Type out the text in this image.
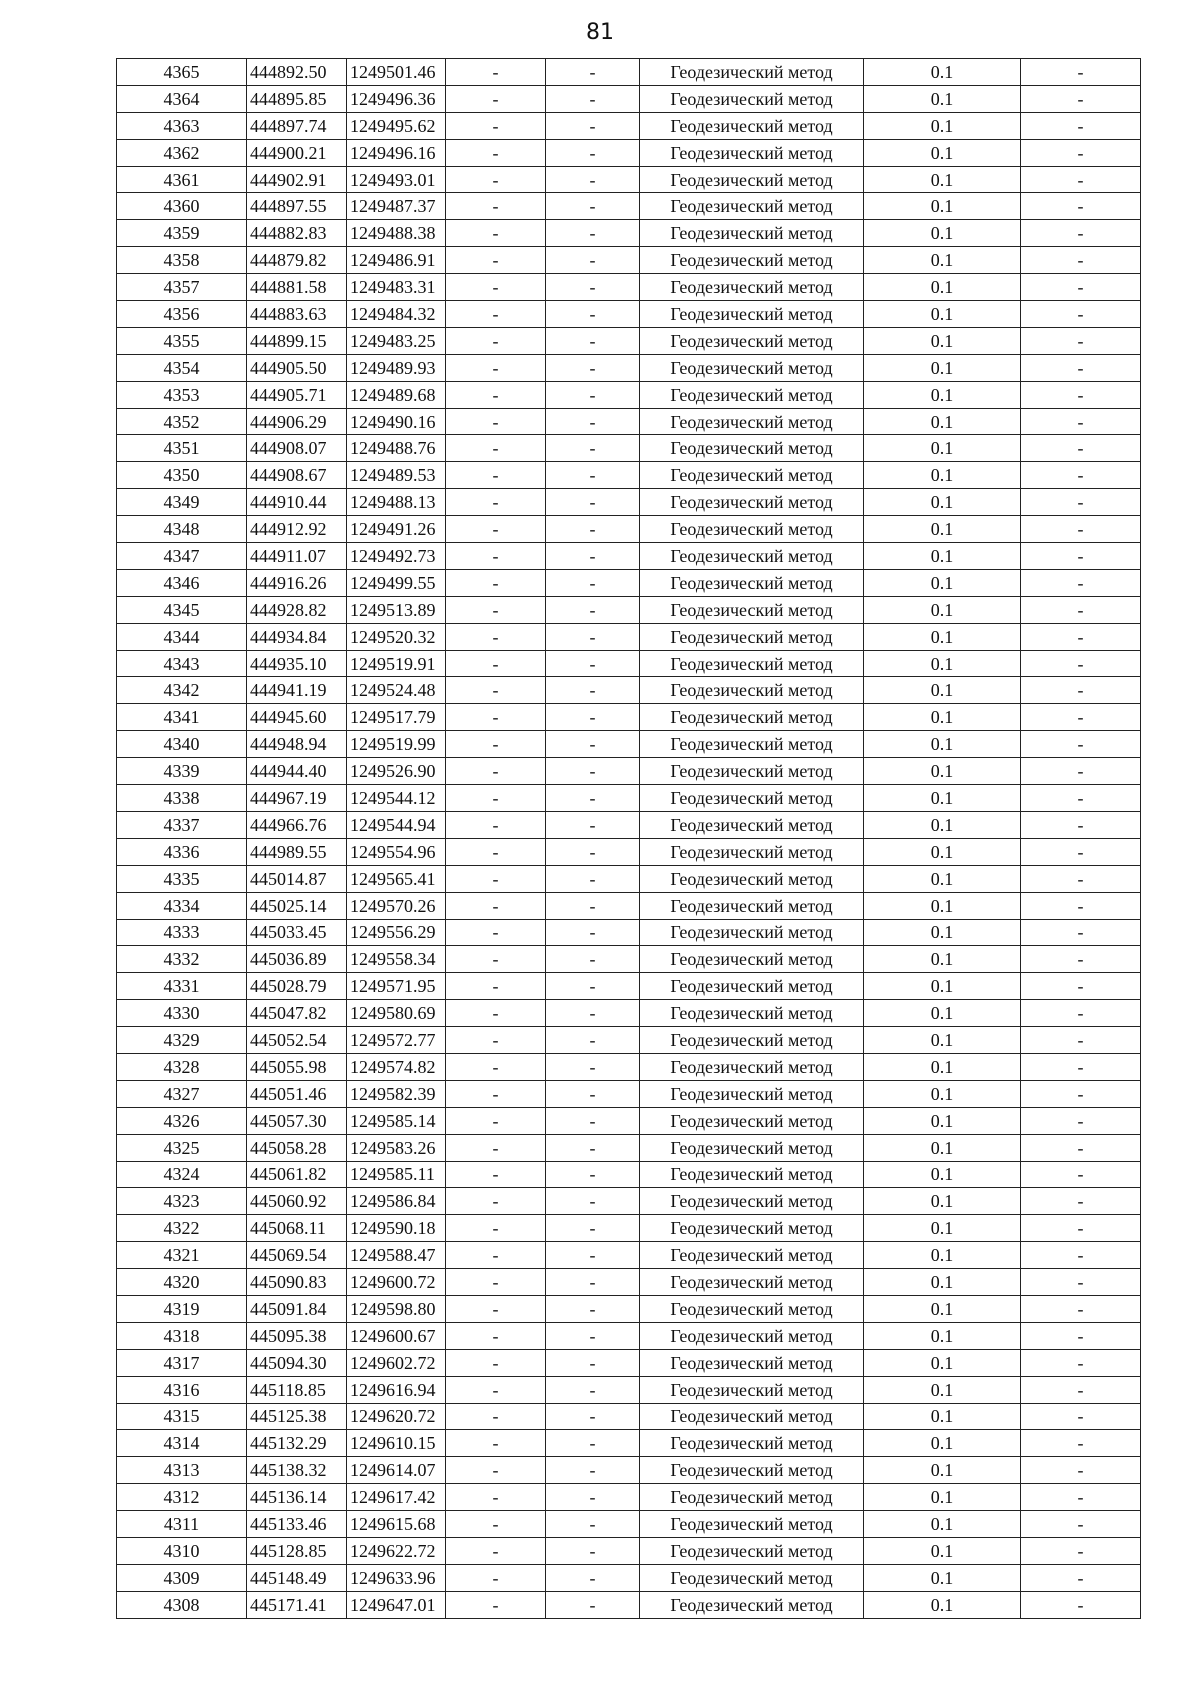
81
4365	444892.50	1249501.46	-	-	Геодезический метод	0.1	-
4364	444895.85	1249496.36	-	-	Геодезический метод	0.1	-
4363	444897.74	1249495.62	-	-	Геодезический метод	0.1	-
4362	444900.21	1249496.16	-	-	Геодезический метод	0.1	-
4361	444902.91	1249493.01	-	-	Геодезический метод	0.1	-
4360	444897.55	1249487.37	-	-	Геодезический метод	0.1	-
4359	444882.83	1249488.38	-	-	Геодезический метод	0.1	-
4358	444879.82	1249486.91	-	-	Геодезический метод	0.1	-
4357	444881.58	1249483.31	-	-	Геодезический метод	0.1	-
4356	444883.63	1249484.32	-	-	Геодезический метод	0.1	-
4355	444899.15	1249483.25	-	-	Геодезический метод	0.1	-
4354	444905.50	1249489.93	-	-	Геодезический метод	0.1	-
4353	444905.71	1249489.68	-	-	Геодезический метод	0.1	-
4352	444906.29	1249490.16	-	-	Геодезический метод	0.1	-
4351	444908.07	1249488.76	-	-	Геодезический метод	0.1	-
4350	444908.67	1249489.53	-	-	Геодезический метод	0.1	-
4349	444910.44	1249488.13	-	-	Геодезический метод	0.1	-
4348	444912.92	1249491.26	-	-	Геодезический метод	0.1	-
4347	444911.07	1249492.73	-	-	Геодезический метод	0.1	-
4346	444916.26	1249499.55	-	-	Геодезический метод	0.1	-
4345	444928.82	1249513.89	-	-	Геодезический метод	0.1	-
4344	444934.84	1249520.32	-	-	Геодезический метод	0.1	-
4343	444935.10	1249519.91	-	-	Геодезический метод	0.1	-
4342	444941.19	1249524.48	-	-	Геодезический метод	0.1	-
4341	444945.60	1249517.79	-	-	Геодезический метод	0.1	-
4340	444948.94	1249519.99	-	-	Геодезический метод	0.1	-
4339	444944.40	1249526.90	-	-	Геодезический метод	0.1	-
4338	444967.19	1249544.12	-	-	Геодезический метод	0.1	-
4337	444966.76	1249544.94	-	-	Геодезический метод	0.1	-
4336	444989.55	1249554.96	-	-	Геодезический метод	0.1	-
4335	445014.87	1249565.41	-	-	Геодезический метод	0.1	-
4334	445025.14	1249570.26	-	-	Геодезический метод	0.1	-
4333	445033.45	1249556.29	-	-	Геодезический метод	0.1	-
4332	445036.89	1249558.34	-	-	Геодезический метод	0.1	-
4331	445028.79	1249571.95	-	-	Геодезический метод	0.1	-
4330	445047.82	1249580.69	-	-	Геодезический метод	0.1	-
4329	445052.54	1249572.77	-	-	Геодезический метод	0.1	-
4328	445055.98	1249574.82	-	-	Геодезический метод	0.1	-
4327	445051.46	1249582.39	-	-	Геодезический метод	0.1	-
4326	445057.30	1249585.14	-	-	Геодезический метод	0.1	-
4325	445058.28	1249583.26	-	-	Геодезический метод	0.1	-
4324	445061.82	1249585.11	-	-	Геодезический метод	0.1	-
4323	445060.92	1249586.84	-	-	Геодезический метод	0.1	-
4322	445068.11	1249590.18	-	-	Геодезический метод	0.1	-
4321	445069.54	1249588.47	-	-	Геодезический метод	0.1	-
4320	445090.83	1249600.72	-	-	Геодезический метод	0.1	-
4319	445091.84	1249598.80	-	-	Геодезический метод	0.1	-
4318	445095.38	1249600.67	-	-	Геодезический метод	0.1	-
4317	445094.30	1249602.72	-	-	Геодезический метод	0.1	-
4316	445118.85	1249616.94	-	-	Геодезический метод	0.1	-
4315	445125.38	1249620.72	-	-	Геодезический метод	0.1	-
4314	445132.29	1249610.15	-	-	Геодезический метод	0.1	-
4313	445138.32	1249614.07	-	-	Геодезический метод	0.1	-
4312	445136.14	1249617.42	-	-	Геодезический метод	0.1	-
4311	445133.46	1249615.68	-	-	Геодезический метод	0.1	-
4310	445128.85	1249622.72	-	-	Геодезический метод	0.1	-
4309	445148.49	1249633.96	-	-	Геодезический метод	0.1	-
4308	445171.41	1249647.01	-	-	Геодезический метод	0.1	-
